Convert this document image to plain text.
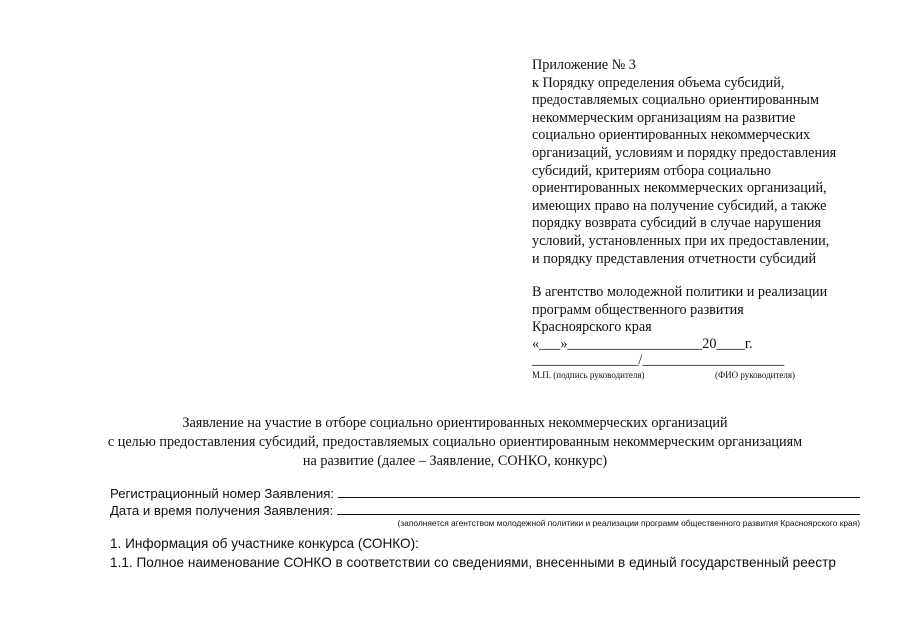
Приложение № 3
к Порядку определения объема субсидий,
предоставляемых социально ориентированным
некоммерческим организациям на развитие
социально ориентированных некоммерческих
организаций, условиям и порядку предоставления
субсидий, критериям отбора социально
ориентированных некоммерческих организаций,
имеющих право на получение субсидий, а также
порядку возврата субсидий в случае нарушения
условий, установленных при их предоставлении,
и порядку представления отчетности субсидий
В агентство молодежной политики и реализации
программ общественного развития
Красноярского края
«___»___________________20____г.
_______________/____________________
М.П. (подпись руководителя)	(ФИО руководителя)
Заявление на участие в отборе социально ориентированных некоммерческих организаций
с целью предоставления субсидий, предоставляемых социально ориентированным некоммерческим организациям
на развитие (далее – Заявление, СОНКО, конкурс)
Регистрационный номер Заявления:
Дата и время получения Заявления:
(заполняется агентством молодежной политики и реализации программ общественного развития Красноярского края)
1. Информация об участнике конкурса (СОНКО):
1.1. Полное наименование СОНКО в соответствии со сведениями, внесенными в единый государственный реестр
